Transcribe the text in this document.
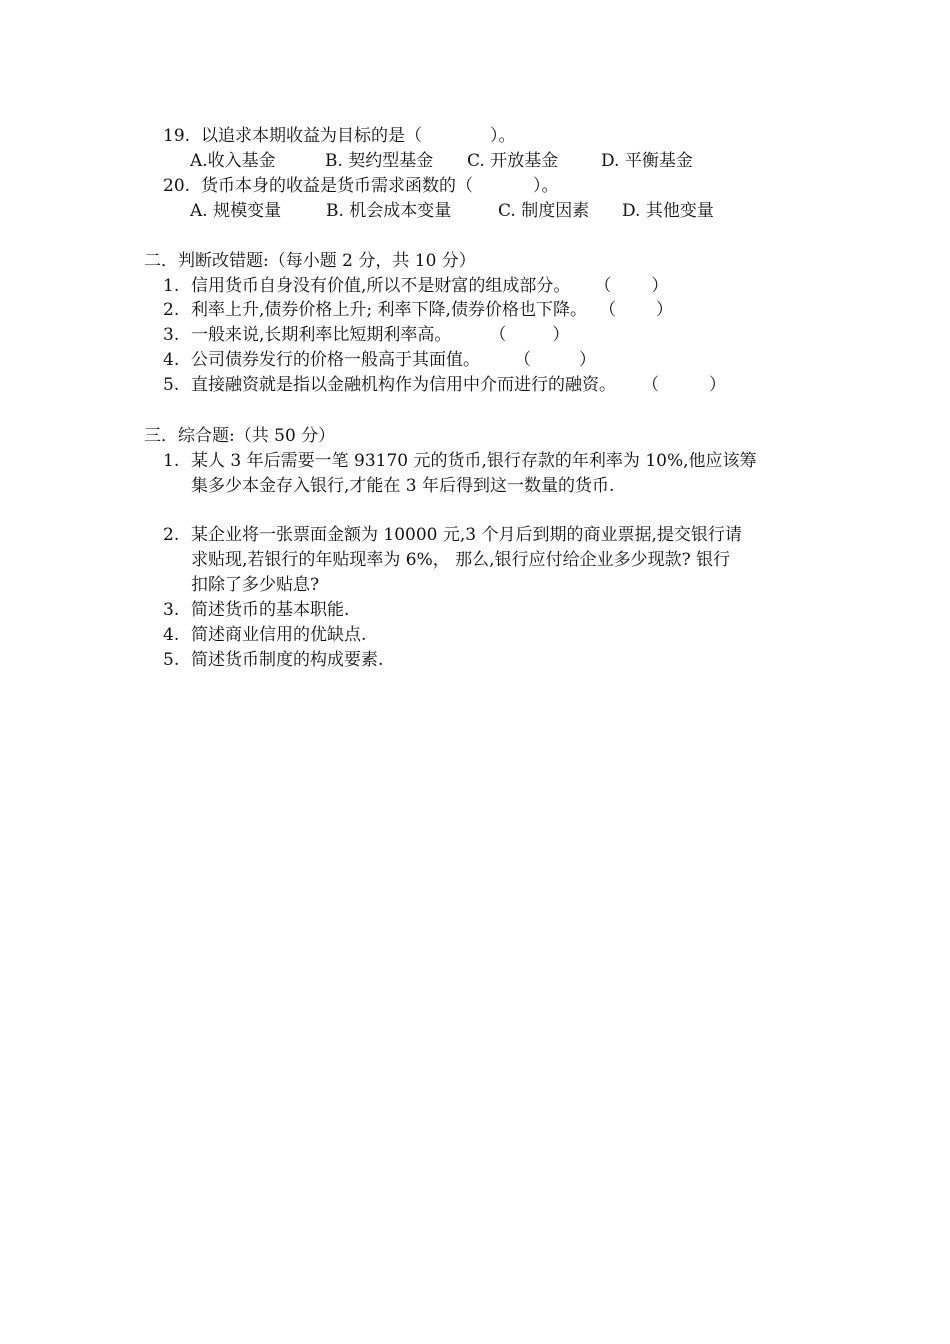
19. 以追求本期收益为目标的是（	）。
A.收入基金	B. 契约型基金 C. 开放基金	D. 平衡基金
20. 货币本身的收益是货币需求函数的（	）。
A. 规模变量	B. 机会成本变量	C. 制度因素 D. 其他变量
二．判断改错题:（每小题 2 分，共 10 分）
1. 信用货币自身没有价值,所以不是财富的组成部分。 （ ）
2. 利率上升,债券价格上升; 利率下降,债券价格也下降。 （ ）
3. 一般来说,长期利率比短期利率高。 （	）
4. 公司债券发行的价格一般高于其面值。 （	）
5. 直接融资就是指以金融机构作为信用中介而进行的融资。 （	）
三．综合题:（共 50 分）
1. 某人 3 年后需要一笔 93170 元的货币,银行存款的年利率为 10%,他应该筹
集多少本金存入银行,才能在 3 年后得到这一数量的货币.
2. 某企业将一张票面金额为 10000 元,3 个月后到期的商业票据,提交银行请
求贴现,若银行的年贴现率为 6%， 那么,银行应付给企业多少现款? 银行
扣除了多少贴息?
3. 简述货币的基本职能.
4. 简述商业信用的优缺点.
5. 简述货币制度的构成要素.
